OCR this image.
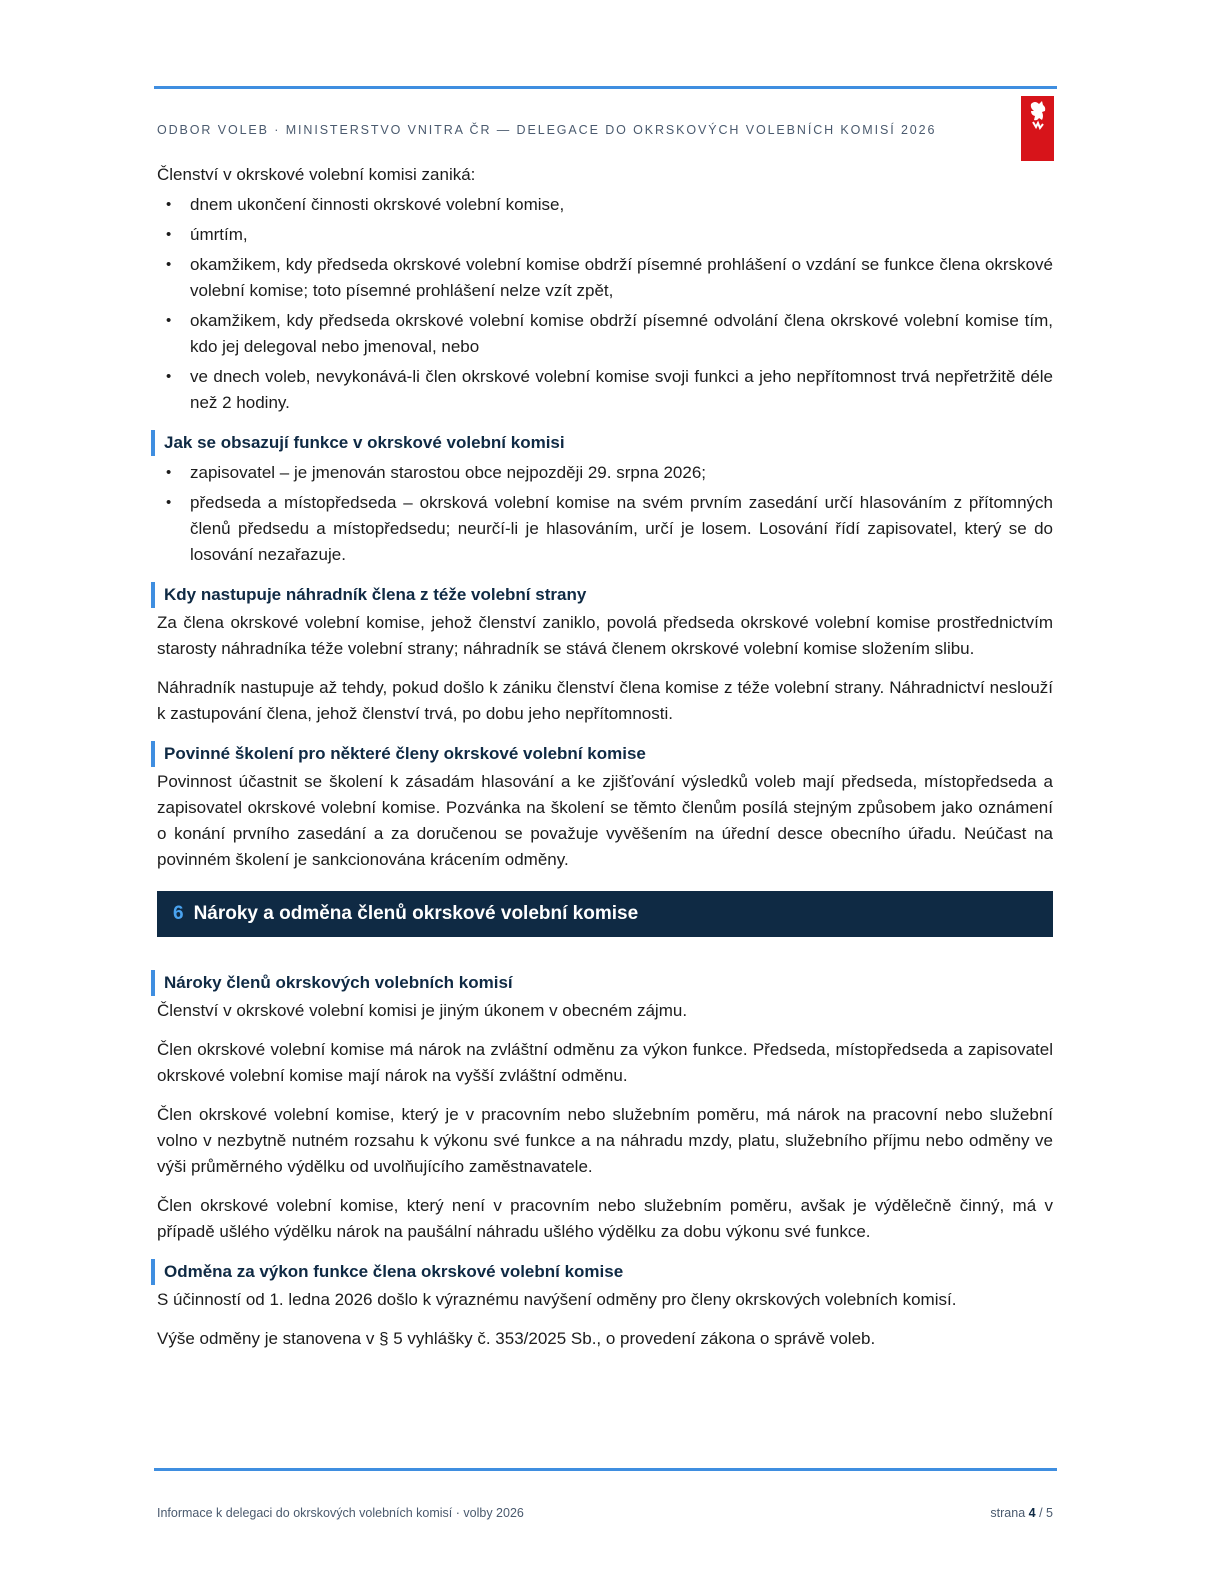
ODBOR VOLEB · MINISTERSTVO VNITRA ČR — DELEGACE DO OKRSKOVÝCH VOLEBNÍCH KOMISÍ 2026

Členství v okrskové volební komisi zaniká:

• dnem ukončení činnosti okrskové volební komise,
• úmrtím,
• okamžikem, kdy předseda okrskové volební komise obdrží písemné prohlášení o vzdání se funkce člena okrskové volební komise; toto písemné prohlášení nelze vzít zpět,
• okamžikem, kdy předseda okrskové volební komise obdrží písemné odvolání člena okrskové volební komise tím, kdo jej delegoval nebo jmenoval, nebo
• ve dnech voleb, nevykonává-li člen okrskové volební komise svoji funkci a jeho nepřítomnost trvá nepřetržitě déle než 2 hodiny.
Jak se obsazují funkce v okrskové volební komisi
• zapisovatel – je jmenován starostou obce nejpozději 29. srpna 2026;
• předseda a místopředseda – okrsková volební komise na svém prvním zasedání určí hlasováním z přítomných členů předsedu a místopředsedu; neurčí-li je hlasováním, určí je losem. Losování řídí zapisovatel, který se do losování nezařazuje.
Kdy nastupuje náhradník člena z téže volební strany

Za člena okrskové volební komise, jehož členství zaniklo, povolá předseda okrskové volební komise prostřednictvím starosty náhradníka téže volební strany; náhradník se stává členem okrskové volební komise složením slibu.

Náhradník nastupuje až tehdy, pokud došlo k zániku členství člena komise z téže volební strany. Náhradnictví neslouží k zastupování člena, jehož členství trvá, po dobu jeho nepřítomnosti.

Povinné školení pro některé členy okrskové volební komise

Povinnost účastnit se školení k zásadám hlasování a ke zjišťování výsledků voleb mají předseda, místopředseda a zapisovatel okrskové volební komise. Pozvánka na školení se těmto členům posílá stejným způsobem jako oznámení o konání prvního zasedání a za doručenou se považuje vyvěšením na úřední desce obecního úřadu. Neúčast na povinném školení je sankcionována krácením odměny.

6 Nároky a odměna členů okrskové volební komise
Nároky členů okrskových volebních komisí

Členství v okrskové volební komisi je jiným úkonem v obecném zájmu.

Člen okrskové volební komise má nárok na zvláštní odměnu za výkon funkce. Předseda, místopředseda a zapisovatel okrskové volební komise mají nárok na vyšší zvláštní odměnu.

Člen okrskové volební komise, který je v pracovním nebo služebním poměru, má nárok na pracovní nebo služební volno v nezbytně nutném rozsahu k výkonu své funkce a na náhradu mzdy, platu, služebního příjmu nebo odměny ve výši průměrného výdělku od uvolňujícího zaměstnavatele.

Člen okrskové volební komise, který není v pracovním nebo služebním poměru, avšak je výdělečně činný, má v případě ušlého výdělku nárok na paušální náhradu ušlého výdělku za dobu výkonu své funkce.

Odměna za výkon funkce člena okrskové volební komise

S účinností od 1. ledna 2026 došlo k výraznému navýšení odměny pro členy okrskových volebních komisí.

Výše odměny je stanovena v § 5 vyhlášky č. 353/2025 Sb., o provedení zákona o správě voleb.

Informace k delegaci do okrskových volebních komisí · volby 2026	strana 4 / 5
